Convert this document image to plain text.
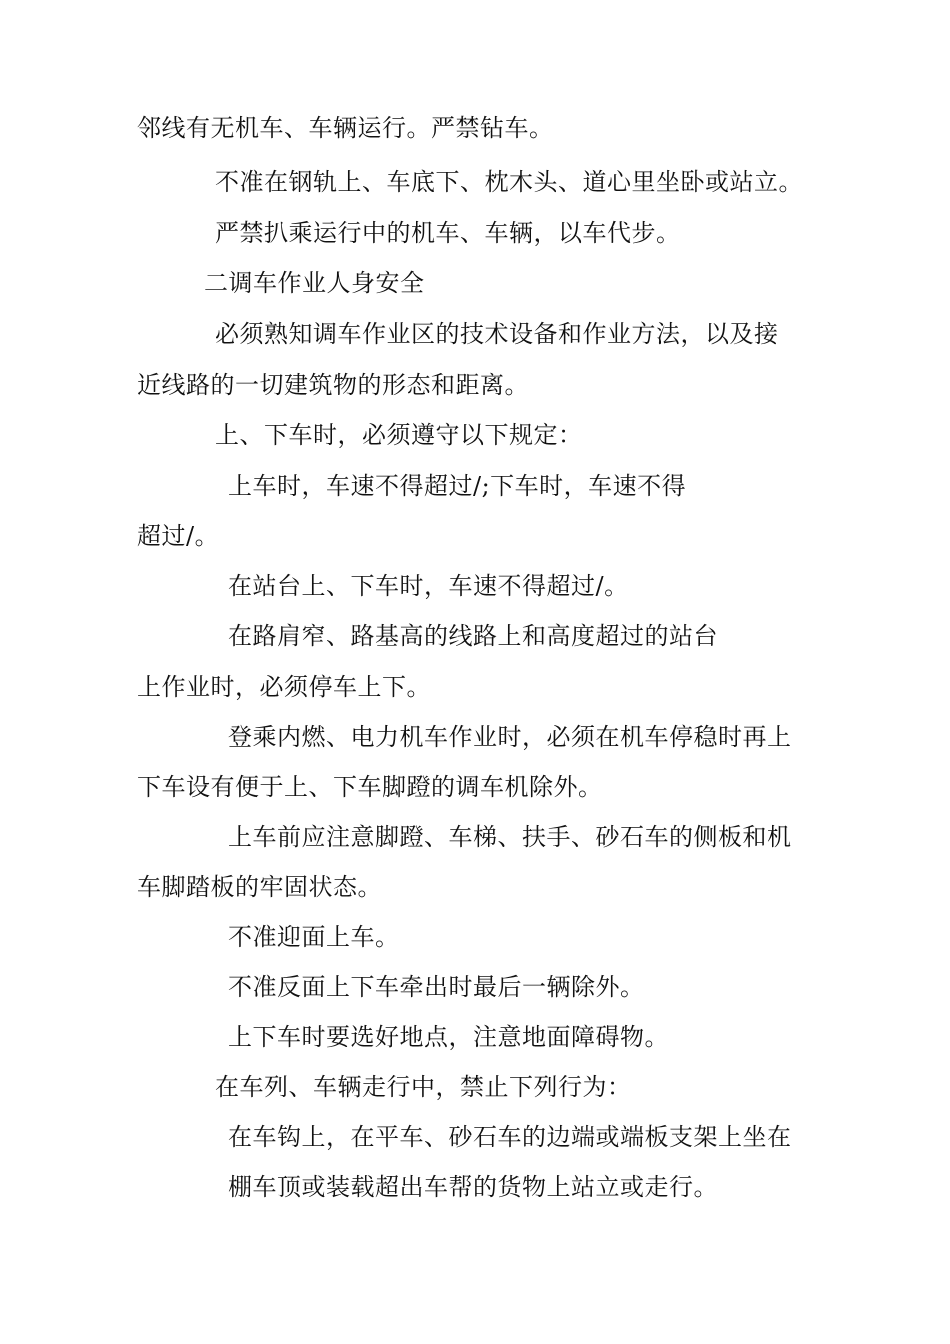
邻线有无机车、车辆运行。严禁钻车。
不准在钢轨上、车底下、枕木头、道心里坐卧或站立。
严禁扒乘运行中的机车、车辆，以车代步。
二调车作业人身安全
必须熟知调车作业区的技术设备和作业方法，以及接
近线路的一切建筑物的形态和距离。
上、下车时，必须遵守以下规定：
上车时，车速不得超过/;下车时，车速不得
超过/。
在站台上、下车时，车速不得超过/。
在路肩窄、路基高的线路上和高度超过的站台
上作业时，必须停车上下。
登乘内燃、电力机车作业时，必须在机车停稳时再上
下车设有便于上、下车脚蹬的调车机除外。
上车前应注意脚蹬、车梯、扶手、砂石车的侧板和机
车脚踏板的牢固状态。
不准迎面上车。
不准反面上下车牵出时最后一辆除外。
上下车时要选好地点，注意地面障碍物。
在车列、车辆走行中，禁止下列行为：
在车钩上，在平车、砂石车的边端或端板支架上坐在
棚车顶或装载超出车帮的货物上站立或走行。
